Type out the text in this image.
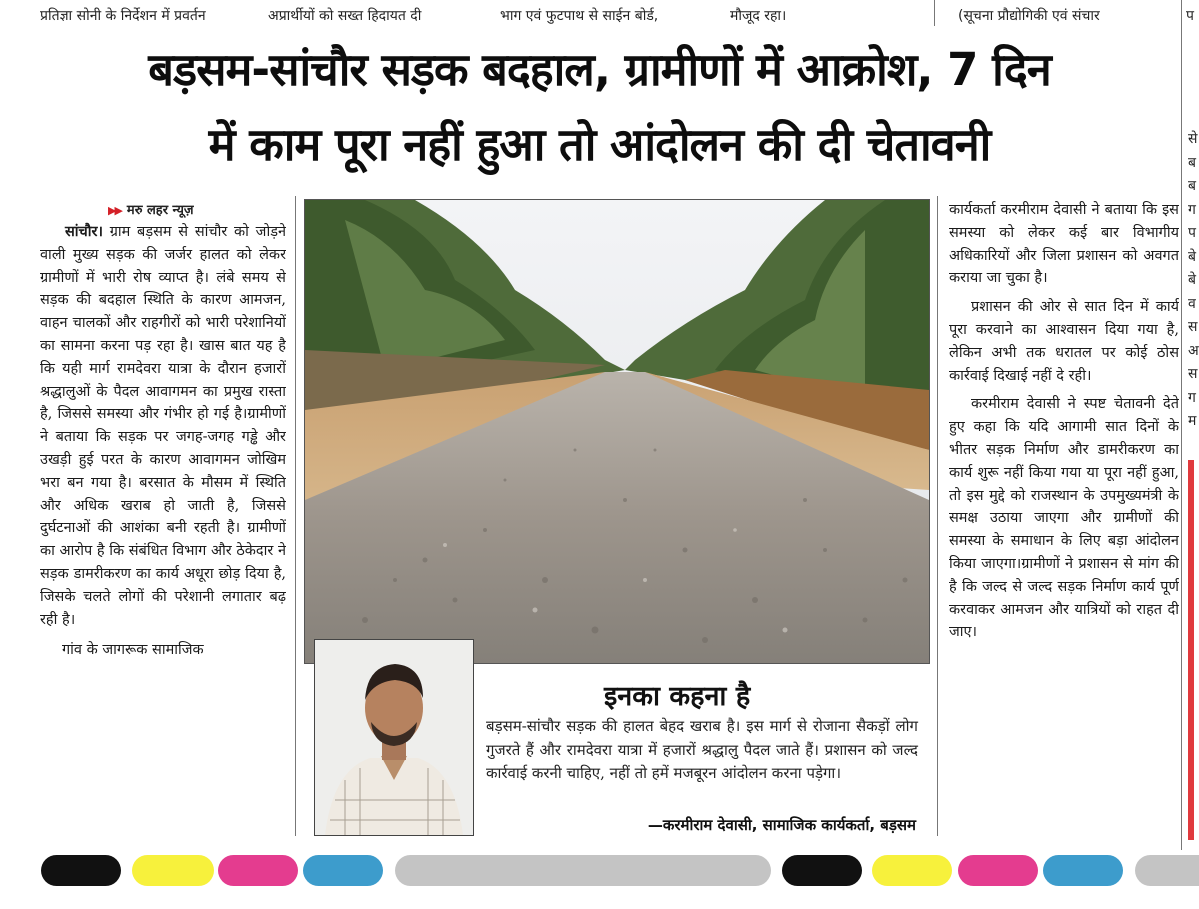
प्रतिज्ञा सोनी के निर्देशन में प्रवर्तन	अप्रार्थीयों को सख्त हिदायत दी	भाग एवं फुटपाथ से साईन बोर्ड,	मौजूद रहा।	(सूचना प्रौद्योगिकी एवं संचार	प
बड़सम-सांचौर सड़क बदहाल, ग्रामीणों में आक्रोश, 7 दिन
में काम पूरा नहीं हुआ तो आंदोलन की दी चेतावनी
▶▶ मरु लहर न्यूज़

सांचौर। ग्राम बड़सम से सांचौर को जोड़ने वाली मुख्य सड़क की जर्जर हालत को लेकर ग्रामीणों में भारी रोष व्याप्त है। लंबे समय से सड़क की बदहाल स्थिति के कारण आमजन, वाहन चालकों और राहगीरों को भारी परेशानियों का सामना करना पड़ रहा है। खास बात यह है कि यही मार्ग रामदेवरा यात्रा के दौरान हजारों श्रद्धालुओं के पैदल आवागमन का प्रमुख रास्ता है, जिससे समस्या और गंभीर हो गई है।ग्रामीणों ने बताया कि सड़क पर जगह-जगह गड्ढे और उखड़ी हुई परत के कारण आवागमन जोखिम भरा बन गया है। बरसात के मौसम में स्थिति और अधिक खराब हो जाती है, जिससे दुर्घटनाओं की आशंका बनी रहती है। ग्रामीणों का आरोप है कि संबंधित विभाग और ठेकेदार ने सड़क डामरीकरण का कार्य अधूरा छोड़ दिया है, जिसके चलते लोगों की परेशानी लगातार बढ़ रही है।

गांव के जागरूक सामाजिक

इनका कहना है
बड़सम-सांचौर सड़क की हालत बेहद खराब है। इस मार्ग से रोजाना सैकड़ों लोग गुजरते हैं और रामदेवरा यात्रा में हजारों श्रद्धालु पैदल जाते हैं। प्रशासन को जल्द कार्रवाई करनी चाहिए, नहीं तो हमें मजबूरन आंदोलन करना पड़ेगा।
—करमीराम देवासी, सामाजिक कार्यकर्ता, बड़सम

कार्यकर्ता करमीराम देवासी ने बताया कि इस समस्या को लेकर कई बार विभागीय अधिकारियों और जिला प्रशासन को अवगत कराया जा चुका है।

प्रशासन की ओर से सात दिन में कार्य पूरा करवाने का आश्वासन दिया गया है, लेकिन अभी तक धरातल पर कोई ठोस कार्रवाई दिखाई नहीं दे रही।

करमीराम देवासी ने स्पष्ट चेतावनी देते हुए कहा कि यदि आगामी सात दिनों के भीतर सड़क निर्माण और डामरीकरण का कार्य शुरू नहीं किया गया या पूरा नहीं हुआ, तो इस मुद्दे को राजस्थान के उपमुख्यमंत्री के समक्ष उठाया जाएगा और ग्रामीणों की समस्या के समाधान के लिए बड़ा आंदोलन किया जाएगा।ग्रामीणों ने प्रशासन से मांग की है कि जल्द से जल्द सड़क निर्माण कार्य पूर्ण करवाकर आमजन और यात्रियों को राहत दी जाए।

से
ब
ब
ग
प
बे
बे
व
स
अ
स
ग
म
